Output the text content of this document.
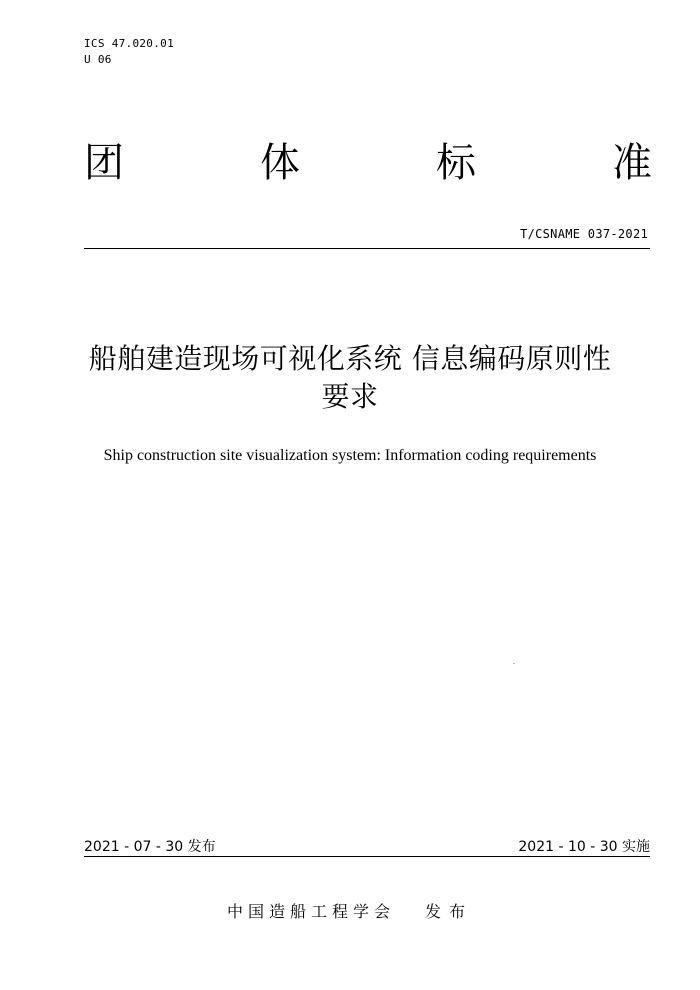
ICS 47.020.01
U 06
团	体	标	准
T/CSNAME 037-2021
船舶建造现场可视化系统 信息编码原则性
要求
Ship construction site visualization system: Information coding requirements
2021 - 07 - 30 发布	2021 - 10 - 30 实施
中国造船工程学会 发布
